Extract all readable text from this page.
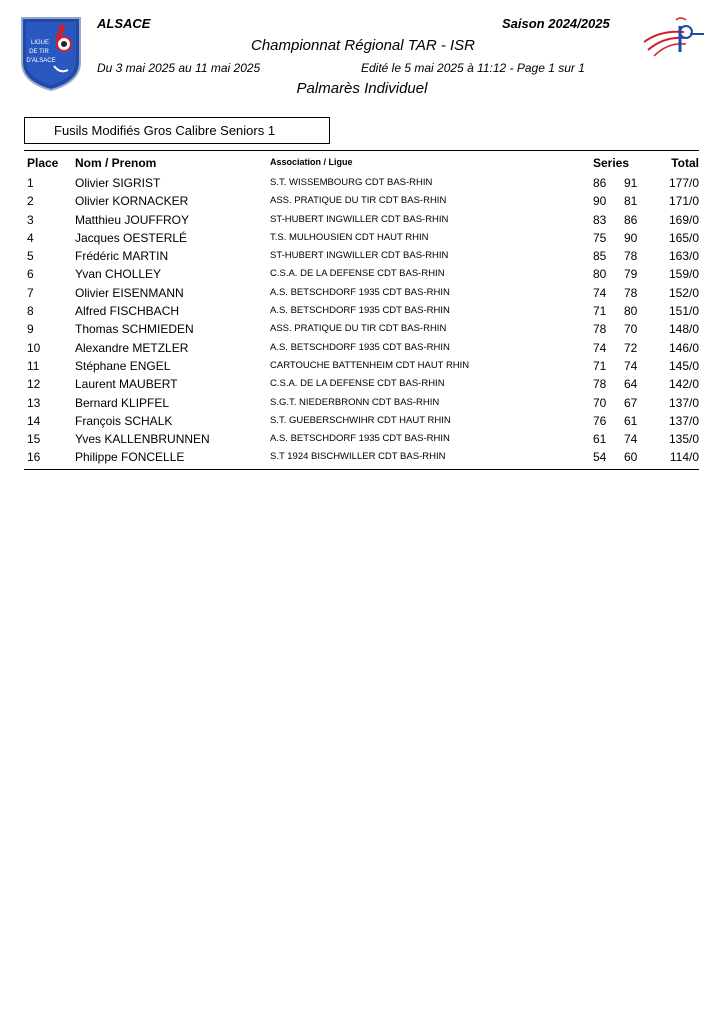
LIGUE
DE TIR
D'ALSACE
ALSACE	Saison 2024/2025
Championnat Régional TAR - ISR
Du 3 mai 2025 au 11 mai 2025	Edité le 5 mai 2025 à 11:12 - Page 1 sur 1
Palmarès Individuel
Fusils Modifiés Gros Calibre Seniors 1
Place Nom / Prenom	Association / Ligue	Series	Total
1	Olivier SIGRIST	S.T. WISSEMBOURG CDT BAS-RHIN	86 91	177/0
2	Olivier KORNACKER	ASS. PRATIQUE DU TIR CDT BAS-RHIN	90 81	171/0
3	Matthieu JOUFFROY	ST-HUBERT INGWILLER CDT BAS-RHIN	83 86	169/0
4	Jacques OESTERLÉ	T.S. MULHOUSIEN CDT HAUT RHIN	75 90	165/0
5	Frédéric MARTIN	ST-HUBERT INGWILLER CDT BAS-RHIN	85 78	163/0
6	Yvan CHOLLEY	C.S.A. DE LA DEFENSE CDT BAS-RHIN	80 79	159/0
7	Olivier EISENMANN	A.S. BETSCHDORF 1935 CDT BAS-RHIN	74 78	152/0
8	Alfred FISCHBACH	A.S. BETSCHDORF 1935 CDT BAS-RHIN	71 80	151/0
9	Thomas SCHMIEDEN	ASS. PRATIQUE DU TIR CDT BAS-RHIN	78 70	148/0
10	Alexandre METZLER	A.S. BETSCHDORF 1935 CDT BAS-RHIN	74 72	146/0
11	Stéphane ENGEL	CARTOUCHE BATTENHEIM CDT HAUT RHIN	71 74	145/0
12	Laurent MAUBERT	C.S.A. DE LA DEFENSE CDT BAS-RHIN	78 64	142/0
13	Bernard KLIPFEL	S.G.T. NIEDERBRONN CDT BAS-RHIN	70 67	137/0
14	François SCHALK	S.T. GUEBERSCHWIHR CDT HAUT RHIN	76 61	137/0
15	Yves KALLENBRUNNEN	A.S. BETSCHDORF 1935 CDT BAS-RHIN	61 74	135/0
16	Philippe FONCELLE	S.T 1924 BISCHWILLER CDT BAS-RHIN	54 60	114/0
